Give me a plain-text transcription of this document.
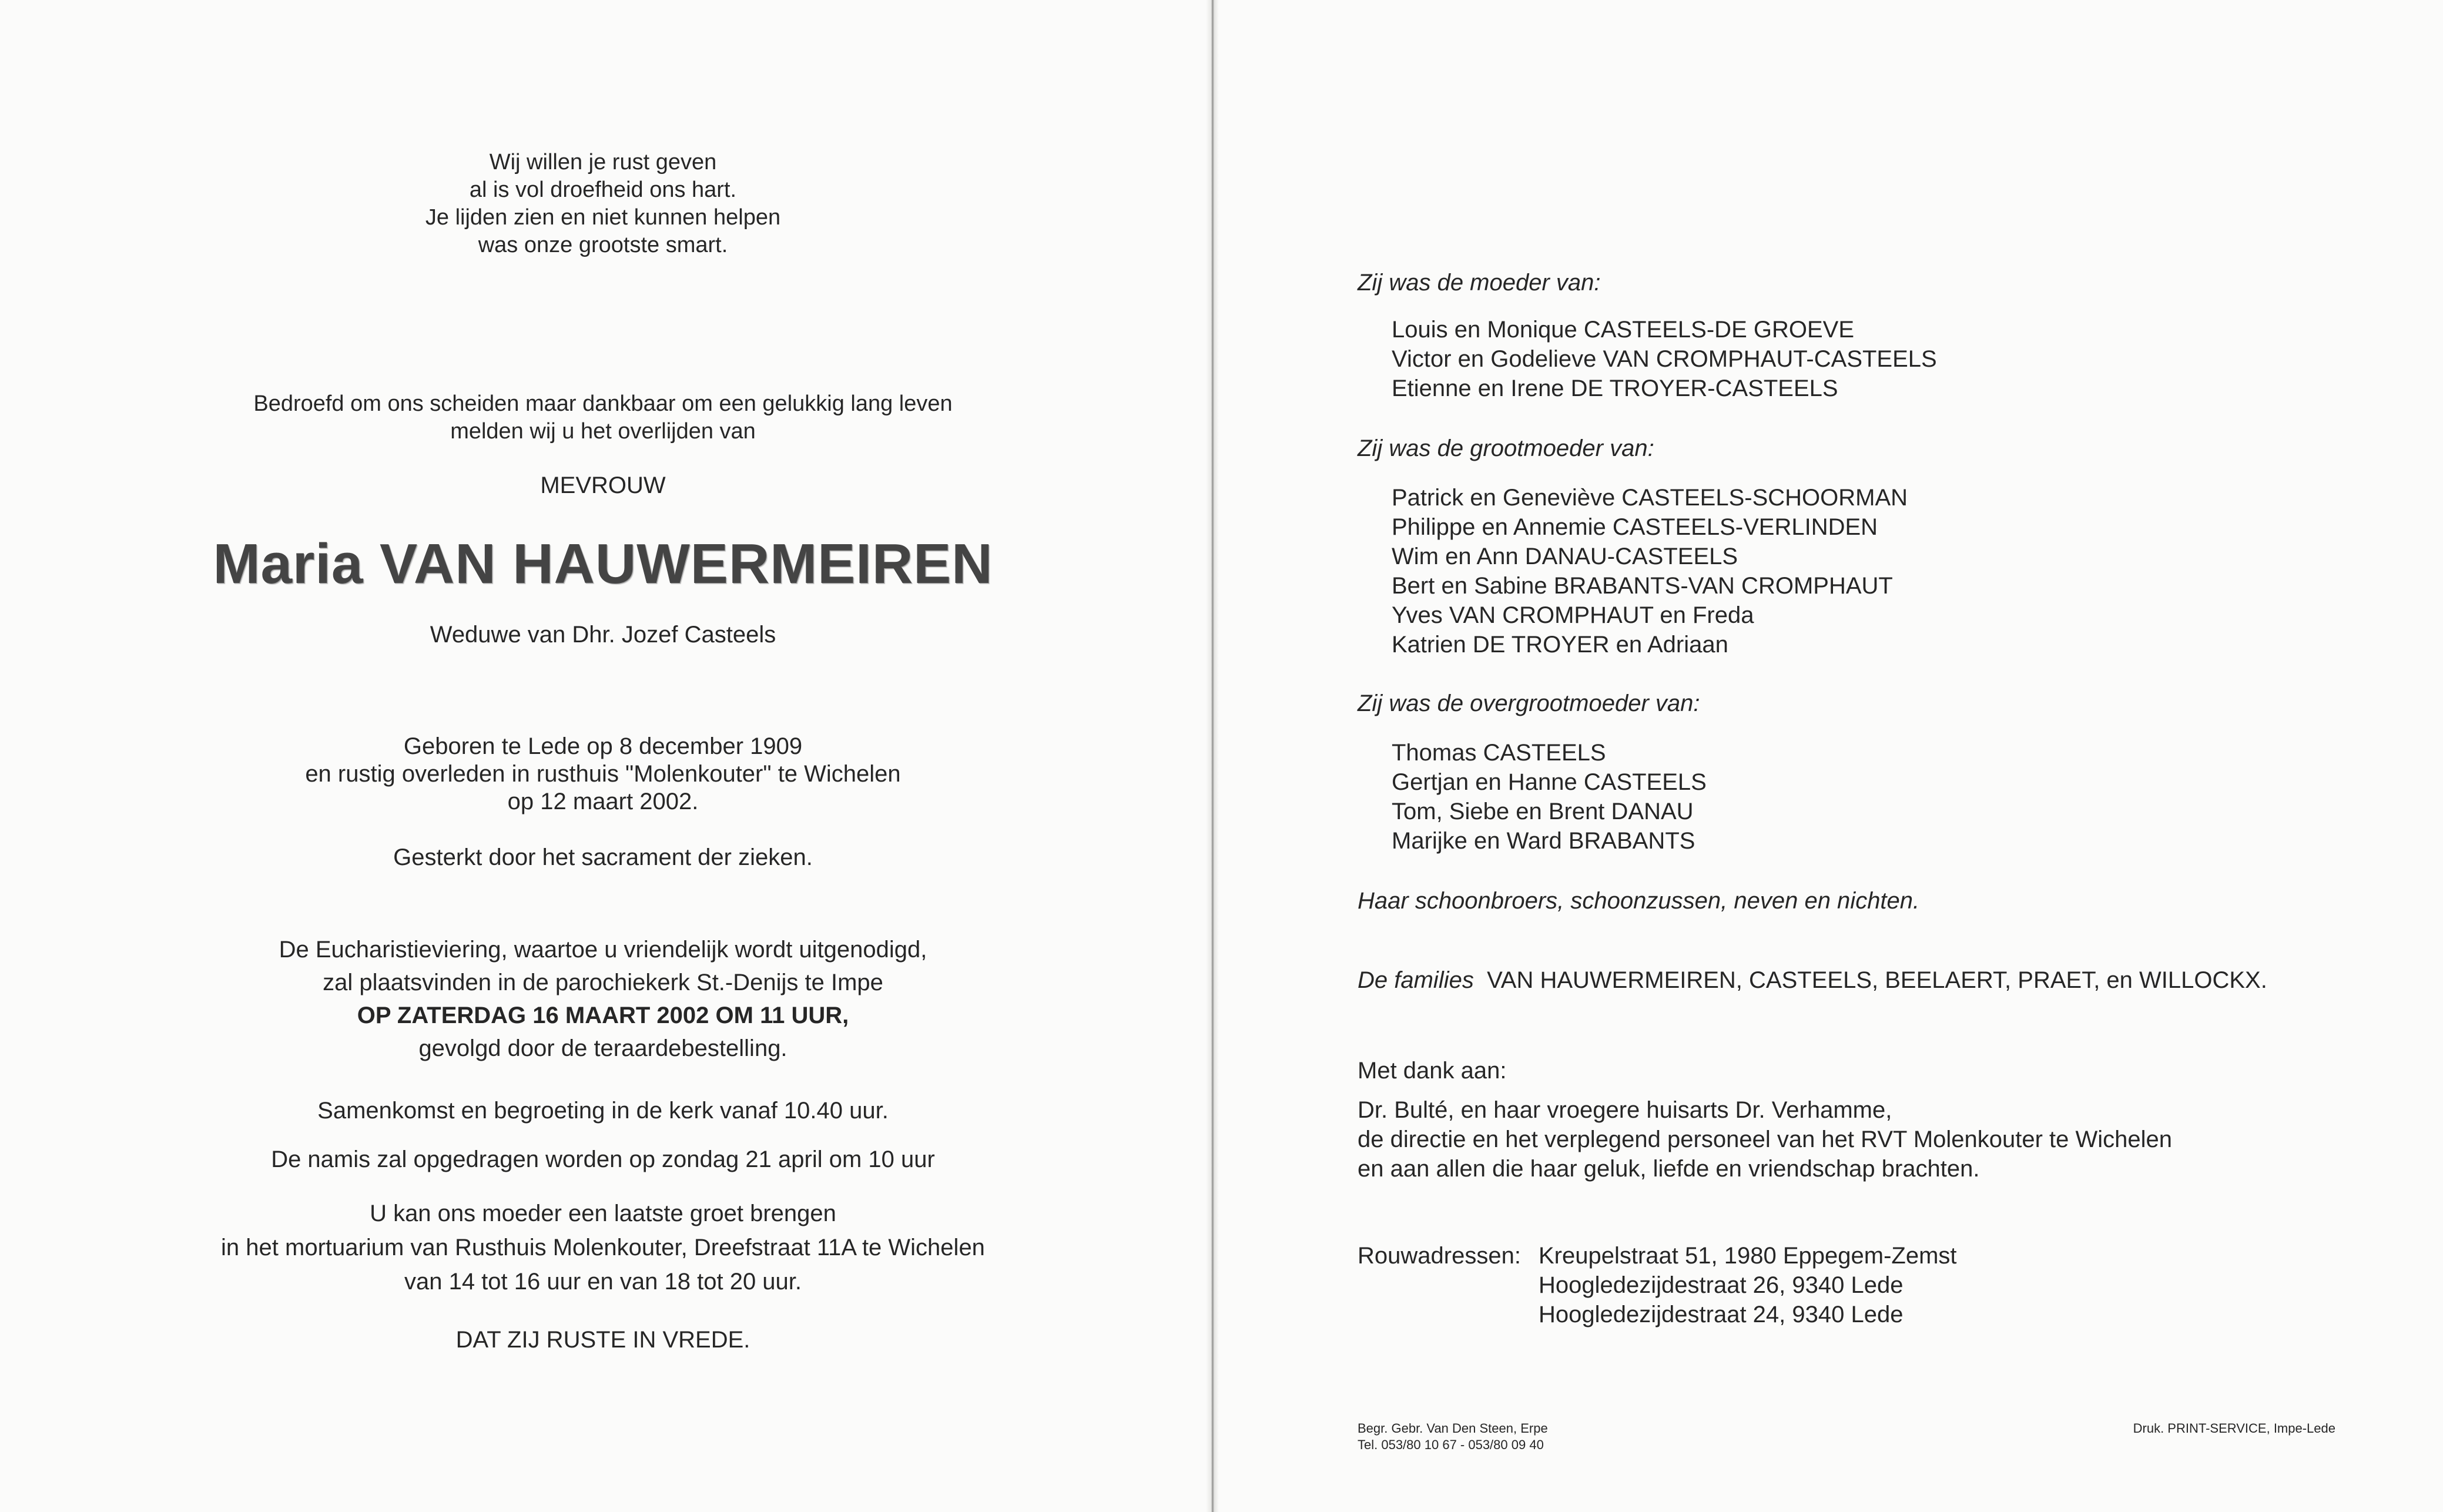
Wij willen je rust geven
al is vol droefheid ons hart.
Je lijden zien en niet kunnen helpen
was onze grootste smart.
Bedroefd om ons scheiden maar dankbaar om een gelukkig lang leven
melden wij u het overlijden van
MEVROUW
Maria VAN HAUWERMEIREN
Weduwe van Dhr. Jozef Casteels
Geboren te Lede op 8 december 1909
en rustig overleden in rusthuis "Molenkouter" te Wichelen
op 12 maart 2002.
Gesterkt door het sacrament der zieken.
De Eucharistieviering, waartoe u vriendelijk wordt uitgenodigd,
zal plaatsvinden in de parochiekerk St.-Denijs te Impe
OP ZATERDAG 16 MAART 2002 OM 11 UUR,
gevolgd door de teraardebestelling.
Samenkomst en begroeting in de kerk vanaf 10.40 uur.
De namis zal opgedragen worden op zondag 21 april om 10 uur
U kan ons moeder een laatste groet brengen
in het mortuarium van Rusthuis Molenkouter, Dreefstraat 11A te Wichelen
van 14 tot 16 uur en van 18 tot 20 uur.
DAT ZIJ RUSTE IN VREDE.
Zij was de moeder van:
Louis en Monique CASTEELS-DE GROEVE
Victor en Godelieve VAN CROMPHAUT-CASTEELS
Etienne en Irene DE TROYER-CASTEELS
Zij was de grootmoeder van:
Patrick en Geneviève CASTEELS-SCHOORMAN
Philippe en Annemie CASTEELS-VERLINDEN
Wim en Ann DANAU-CASTEELS
Bert en Sabine BRABANTS-VAN CROMPHAUT
Yves VAN CROMPHAUT en Freda
Katrien DE TROYER en Adriaan
Zij was de overgrootmoeder van:
Thomas CASTEELS
Gertjan en Hanne CASTEELS
Tom, Siebe en Brent DANAU
Marijke en Ward BRABANTS
Haar schoonbroers, schoonzussen, neven en nichten.
De families VAN HAUWERMEIREN, CASTEELS, BEELAERT, PRAET, en WILLOCKX.
Met dank aan:
Dr. Bulté, en haar vroegere huisarts Dr. Verhamme,
de directie en het verplegend personeel van het RVT Molenkouter te Wichelen
en aan allen die haar geluk, liefde en vriendschap brachten.
Rouwadressen: Kreupelstraat 51, 1980 Eppegem-Zemst
Hoogledezijdestraat 26, 9340 Lede
Hoogledezijdestraat 24, 9340 Lede
Begr. Gebr. Van Den Steen, Erpe
Tel. 053/80 10 67 - 053/80 09 40
Druk. PRINT-SERVICE, Impe-Lede
